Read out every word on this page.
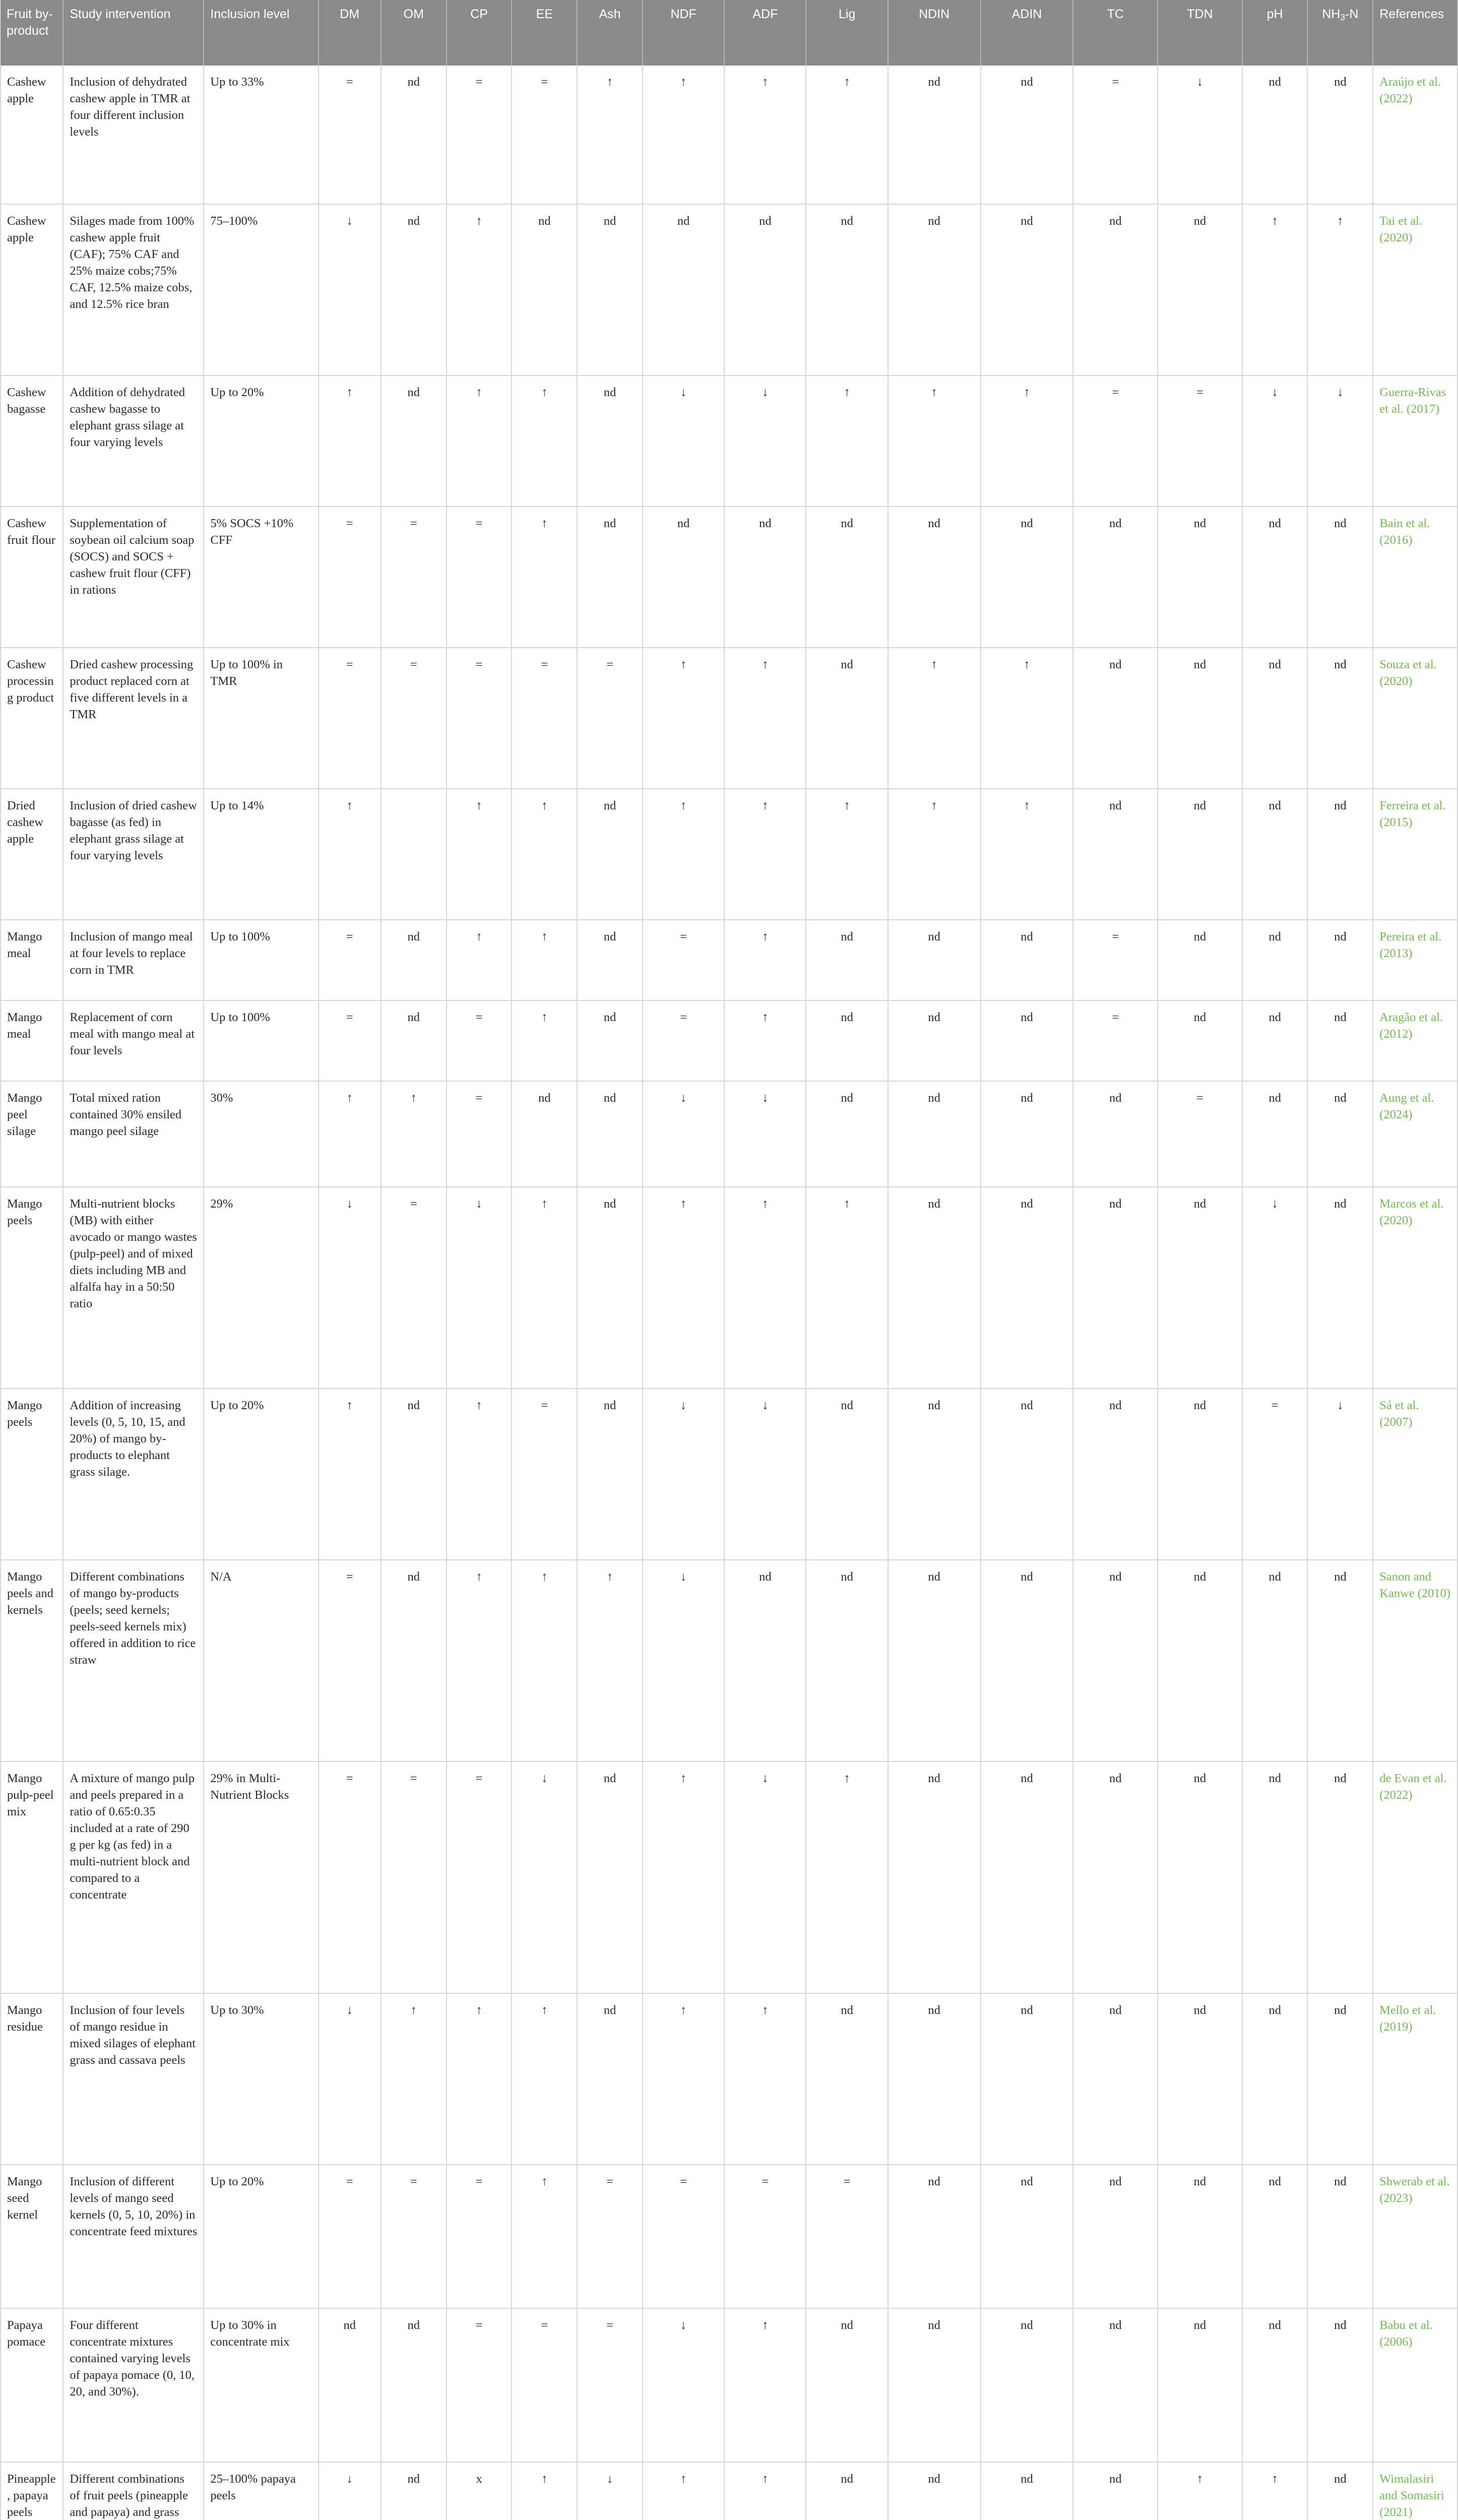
Fruit by-product	Study intervention	Inclusion level	DM	OM	CP	EE	Ash	NDF	ADF	Lig	NDIN	ADIN	TC	TDN	pH	$NH_3-N$	References
Cashew apple	Inclusion of dehydrated cashew apple in TMR at four different inclusion levels	Up to 33%	=	nd	=	=	↑	↑	↑	↑	nd	nd	=	↓	nd	nd	Araújo et al. (2022)
Cashew apple	Silages made from 100% cashew apple fruit (CAF); 75% CAF and 25% maize cobs;75% CAF, 12.5% maize cobs, and 12.5% rice bran	75–100%	↓	nd	↑	nd	nd	nd	nd	nd	nd	nd	nd	nd	↑	↑	Tai et al. (2020)
Cashew bagasse	Addition of dehydrated cashew bagasse to elephant grass silage at four varying levels	Up to 20%	↑	nd	↑	↑	nd	↓	↓	↑	↑	↑	=	=	↓	↓	Guerra-Rivas et al. (2017)
Cashew fruit flour	Supplementation of soybean oil calcium soap (SOCS) and SOCS + cashew fruit flour (CFF) in rations	5% SOCS +10% CFF	=	=	=	↑	nd	nd	nd	nd	nd	nd	nd	nd	nd	nd	Bain et al. (2016)
Cashew processing product	Dried cashew processing product replaced corn at five different levels in a TMR	Up to 100% in TMR	=	=	=	=	=	↑	↑	nd	↑	↑	nd	nd	nd	nd	Souza et al. (2020)
Dried cashew apple	Inclusion of dried cashew bagasse (as fed) in elephant grass silage at four varying levels	Up to 14%	↑		↑	↑	nd	↑	↑	↑	↑	↑	nd	nd	nd	nd	Ferreira et al. (2015)
Mango meal	Inclusion of mango meal at four levels to replace corn in TMR	Up to 100%	=	nd	↑	↑	nd	=	↑	nd	nd	nd	=	nd	nd	nd	Pereira et al. (2013)
Mango meal	Replacement of corn meal with mango meal at four levels	Up to 100%	=	nd	=	↑	nd	=	↑	nd	nd	nd	=	nd	nd	nd	Aragão et al. (2012)
Mango peel silage	Total mixed ration contained 30% ensiled mango peel silage	30%	↑	↑	=	nd	nd	↓	↓	nd	nd	nd	nd	=	nd	nd	Aung et al. (2024)
Mango peels	Multi-nutrient blocks (MB) with either avocado or mango wastes (pulp-peel) and of mixed diets including MB and alfalfa hay in a 50:50 ratio	29%	↓	=	↓	↑	nd	↑	↑	↑	nd	nd	nd	nd	↓	nd	Marcos et al. (2020)
Mango peels	Addition of increasing levels (0, 5, 10, 15, and 20%) of mango by-products to elephant grass silage.	Up to 20%	↑	nd	↑	=	nd	↓	↓	nd	nd	nd	nd	nd	=	↓	Sá et al. (2007)
Mango peels and kernels	Different combinations of mango by-products (peels; seed kernels; peels-seed kernels mix) offered in addition to rice straw	N/A	=	nd	↑	↑	↑	↓	nd	nd	nd	nd	nd	nd	nd	nd	Sanon and Kanwe (2010)
Mango pulp-peel mix	A mixture of mango pulp and peels prepared in a ratio of 0.65:0.35 included at a rate of 290 g per kg (as fed) in a multi-nutrient block and compared to a concentrate	29% in Multi-Nutrient Blocks	=	=	=	↓	nd	↑	↓	↑	nd	nd	nd	nd	nd	nd	de Evan et al. (2022)
Mango residue	Inclusion of four levels of mango residue in mixed silages of elephant grass and cassava peels	Up to 30%	↓	↑	↑	↑	nd	↑	↑	nd	nd	nd	nd	nd	nd	nd	Mello et al. (2019)
Mango seed kernel	Inclusion of different levels of mango seed kernels (0, 5, 10, 20%) in concentrate feed mixtures	Up to 20%	=	=	=	↑	=	=	=	=	nd	nd	nd	nd	nd	nd	Shwerab et al. (2023)
Papaya pomace	Four different concentrate mixtures contained varying levels of papaya pomace (0, 10, 20, and 30%).	Up to 30% in concentrate mix	nd	nd	=	=	=	↓	↑	nd	nd	nd	nd	nd	nd	nd	Babu et al. (2006)
Pineapple, papaya peels	Different combinations of fruit peels (pineapple and papaya) and grass	25–100% papaya peels	↓	nd	x	↑	↓	↑	↑	nd	nd	nd	nd	↑	↑	nd	Wimalasiri and Somasiri (2021)
